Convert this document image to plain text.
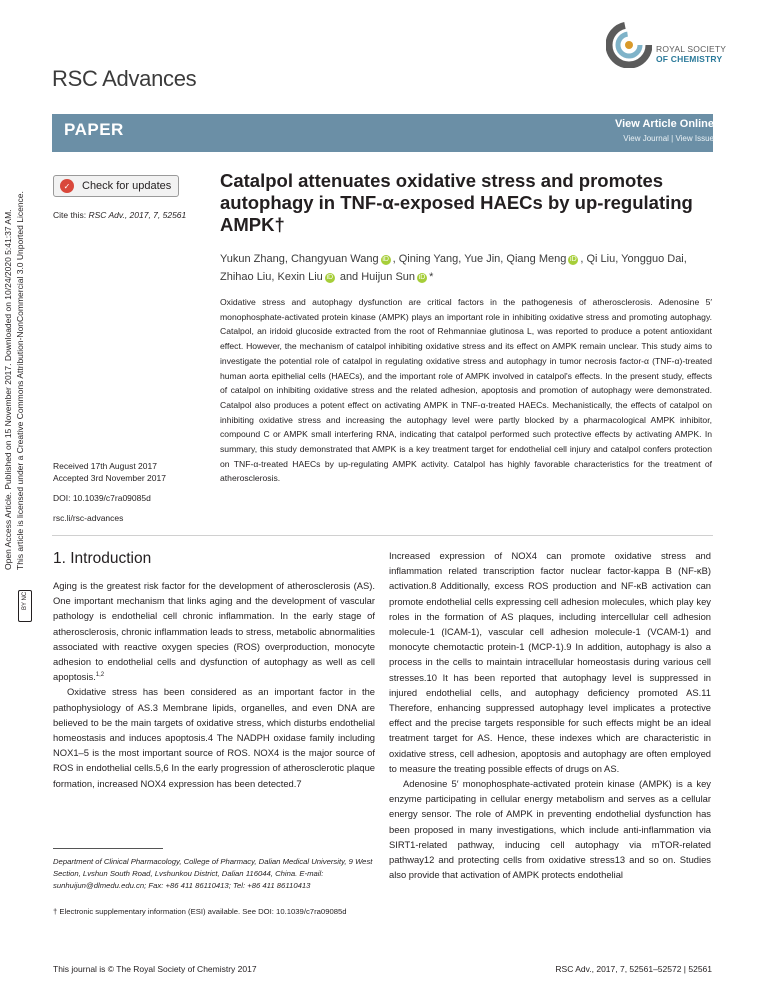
ROYAL SOCIETY
OF CHEMISTRY
RSC Advances
PAPER	View Article Online
View Journal | View Issue
Open Access Article. Published on 15 November 2017. Downloaded on 10/24/2020 5:41:37 AM. This article is licensed under a Creative Commons Attribution-NonCommercial 3.0 Unported Licence.
BY NC
✓	Check for updates
Cite this: RSC Adv., 2017, 7, 52561
Catalpol attenuates oxidative stress and promotes autophagy in TNF-α-exposed HAECs by up-regulating AMPK†
Yukun Zhang, Changyuan Wang iD , Qining Yang, Yue Jin, Qiang Meng iD , Qi Liu, Yongguo Dai, Zhihao Liu, Kexin Liu iD and Huijun Sun iD *
Oxidative stress and autophagy dysfunction are critical factors in the pathogenesis of atherosclerosis. Adenosine 5′ monophosphate-activated protein kinase (AMPK) plays an important role in inhibiting oxidative stress and promoting autophagy. Catalpol, an iridoid glucoside extracted from the root of Rehmanniae glutinosa L, was reported to produce a potent antioxidant effect. However, the mechanism of catalpol inhibiting oxidative stress and its effect on AMPK remain unclear. This study aims to investigate the potential role of catalpol in regulating oxidative stress and autophagy in tumor necrosis factor-α (TNF-α)-treated human aorta epithelial cells (HAECs), and the important role of AMPK involved in catalpol's effects. In the present study, effects of catalpol on inhibiting oxidative stress and the related adhesion, apoptosis and promotion of autophagy were demonstrated. Catalpol also produces a potent effect on activating AMPK in TNF-α-treated HAECs. Mechanistically, the effects of catalpol on inhibiting oxidative stress and increasing the autophagy level were partly blocked by a pharmacological AMPK inhibitor, compound C or AMPK small interfering RNA, indicating that catalpol performed such protective effects by activating AMPK. In summary, this study demonstrated that AMPK is a key treatment target for endothelial cell injury and catalpol confers protection on TNF-α-treated HAECs by up-regulating AMPK activity. Catalpol has highly favorable characteristics for the treatment of atherosclerosis.
Received 17th August 2017
Accepted 3rd November 2017
DOI: 10.1039/c7ra09085d
rsc.li/rsc-advances
1. Introduction

Aging is the greatest risk factor for the development of atherosclerosis (AS). One important mechanism that links aging and the development of vascular pathology is endothelial cell chronic inflammation. In the early stage of atherosclerosis, chronic inflammation leads to stress, metabolic abnormalities associated with reactive oxygen species (ROS) overproduction, monocyte adhesion to endothelial cells and dysfunction of autophagy as well as cell apoptosis.$^{1,2}$

Oxidative stress has been considered as an important factor in the pathophysiology of AS.3 Membrane lipids, organelles, and even DNA are believed to be the main targets of oxidative stress, which disturbs endothelial homeostasis and induces apoptosis.4 The NADPH oxidase family including NOX1–5 is the most important source of ROS. NOX4 is the major source of ROS in endothelial cells.5,6 In the early progression of atherosclerotic plaque formation, increased NOX4 expression has been detected.7

Increased expression of NOX4 can promote oxidative stress and inflammation related transcription factor nuclear factor-kappa B (NF-κB) activation.8 Additionally, excess ROS production and NF-κB activation can promote endothelial cells expressing cell adhesion molecules, which play key roles in the formation of AS plaques, including intercellular cell adhesion molecule-1 (ICAM-1), vascular cell adhesion molecule-1 (VCAM-1) and monocyte chemotactic protein-1 (MCP-1).9 In addition, autophagy is also a process in the cells to maintain intracellular homeostasis during various cell stresses.10 It has been reported that autophagy level is suppressed in injured endothelial cells, and autophagy deficiency promoted AS.11 Therefore, enhancing suppressed autophagy level implicates a protective effect and the precise targets responsible for such effects might be an ideal treatment target for AS. Hence, these indexes which are characteristic in oxidative stress, cell adhesion, apoptosis and autophagy are often employed to measure the treating possible effects of drugs on AS.

Adenosine 5′ monophosphate-activated protein kinase (AMPK) is a key enzyme participating in cellular energy metabolism and serves as a cellular energy sensor. The role of AMPK in preventing endothelial dysfunction has been proposed in many investigations, which include anti-inflammation via SIRT1-related pathway, inducing cell autophagy via mTOR-related pathway12 and protecting cells from oxidative stress13 and so on. Studies also provide that activation of AMPK protects endothelial

Department of Clinical Pharmacology, College of Pharmacy, Dalian Medical University, 9 West Section, Lvshun South Road, Lvshunkou District, Dalian 116044, China. E-mail: sunhuijun@dlmedu.edu.cn; Fax: +86 411 86110413; Tel: +86 411 86110413
† Electronic supplementary information (ESI) available. See DOI: 10.1039/c7ra09085d
This journal is © The Royal Society of Chemistry 2017	RSC Adv., 2017, 7, 52561–52572 | 52561
